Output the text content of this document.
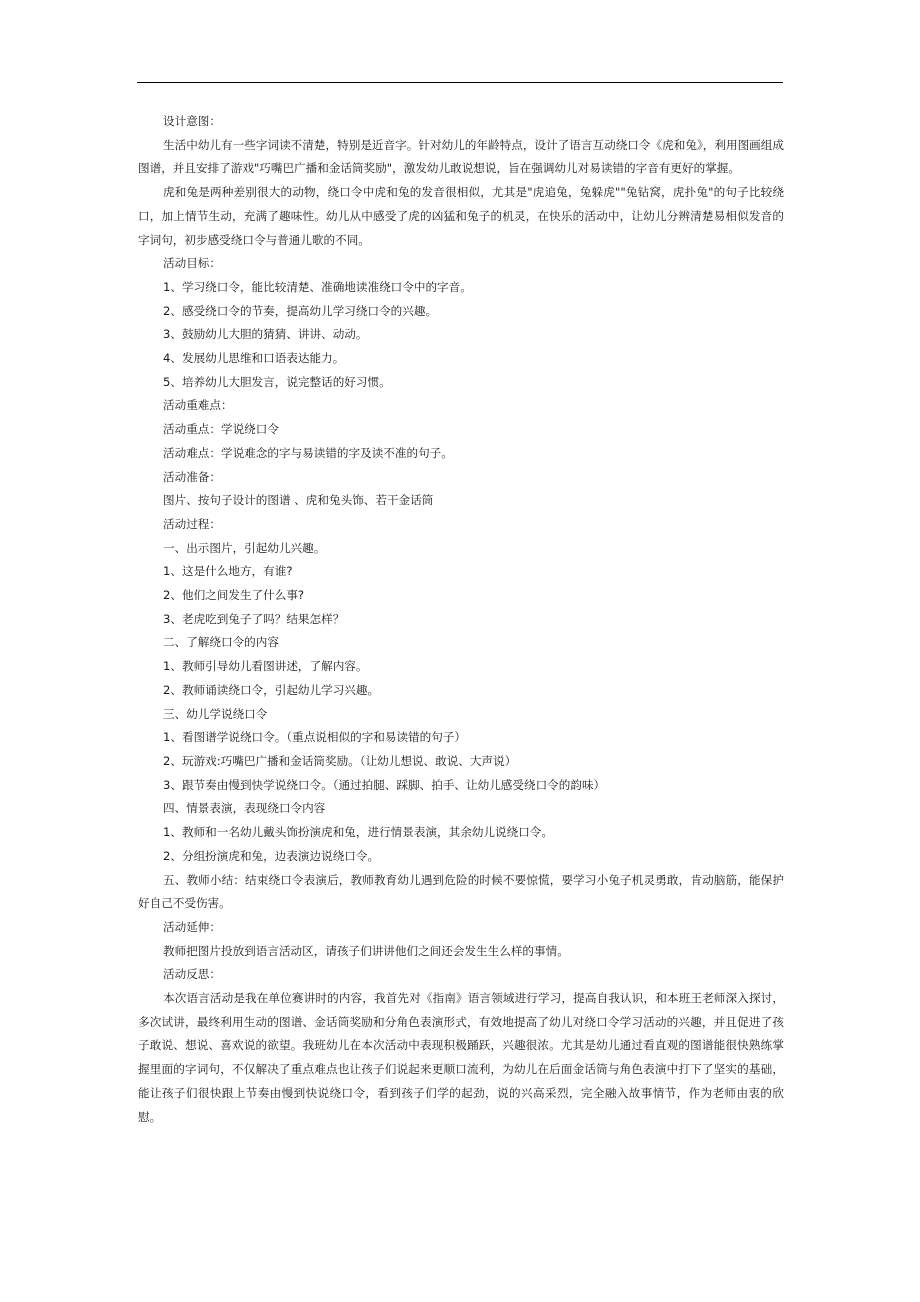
设计意图：

生活中幼儿有一些字词读不清楚，特别是近音字。针对幼儿的年龄特点，设计了语言互动绕口令《虎和兔》，利用图画组成图谱，并且安排了游戏"巧嘴巴广播和金话筒奖励"，激发幼儿敢说想说，旨在强调幼儿对易读错的字音有更好的掌握。

虎和兔是两种差别很大的动物，绕口令中虎和兔的发音很相似，尤其是"虎追兔，兔躲虎""兔钻窝，虎扑兔"的句子比较绕口，加上情节生动，充满了趣味性。幼儿从中感受了虎的凶猛和兔子的机灵，在快乐的活动中，让幼儿分辨清楚易相似发音的字词句，初步感受绕口令与普通儿歌的不同。

活动目标：

1、学习绕口令，能比较清楚、准确地读准绕口令中的字音。

2、感受绕口令的节奏，提高幼儿学习绕口令的兴趣。

3、鼓励幼儿大胆的猜猜、讲讲、动动。

4、发展幼儿思维和口语表达能力。

5、培养幼儿大胆发言，说完整话的好习惯。

活动重难点：

活动重点：学说绕口令

活动难点：学说难念的字与易读错的字及读不准的句子。

活动准备：

图片、按句子设计的图谱 、虎和兔头饰、若干金话筒

活动过程：

一、出示图片，引起幼儿兴趣。

1、这是什么地方，有谁?

2、他们之间发生了什么事?

3、老虎吃到兔子了吗？结果怎样？

二、了解绕口令的内容

1、教师引导幼儿看图讲述，了解内容。

2、教师诵读绕口令，引起幼儿学习兴趣。

三、幼儿学说绕口令

1、看图谱学说绕口令。（重点说相似的字和易读错的句子）

2、玩游戏:巧嘴巴广播和金话筒奖励。（让幼儿想说、敢说、大声说）

3、跟节奏由慢到快学说绕口令。（通过拍腿、踩脚、拍手、让幼儿感受绕口令的韵味）

四、情景表演，表现绕口令内容

1、教师和一名幼儿戴头饰扮演虎和兔，进行情景表演，其余幼儿说绕口令。

2、分组扮演虎和兔，边表演边说绕口令。

五、教师小结：结束绕口令表演后，教师教育幼儿遇到危险的时候不要惊慌，要学习小兔子机灵勇敢，肯动脑筋，能保护好自己不受伤害。

活动延伸：

教师把图片投放到语言活动区，请孩子们讲讲他们之间还会发生生么样的事情。

活动反思：

本次语言活动是我在单位赛讲时的内容，我首先对《指南》语言领域进行学习，提高自我认识，和本班王老师深入探讨，多次试讲，最终利用生动的图谱、金话筒奖励和分角色表演形式，有效地提高了幼儿对绕口令学习活动的兴趣，并且促进了孩子敢说、想说、喜欢说的欲望。我班幼儿在本次活动中表现积极踊跃，兴趣很浓。尤其是幼儿通过看直观的图谱能很快熟练掌握里面的字词句，不仅解决了重点难点也让孩子们说起来更顺口流利，为幼儿在后面金话筒与角色表演中打下了坚实的基础，能让孩子们很快跟上节奏由慢到快说绕口令，看到孩子们学的起劲，说的兴高采烈，完全融入故事情节，作为老师由衷的欣慰。
